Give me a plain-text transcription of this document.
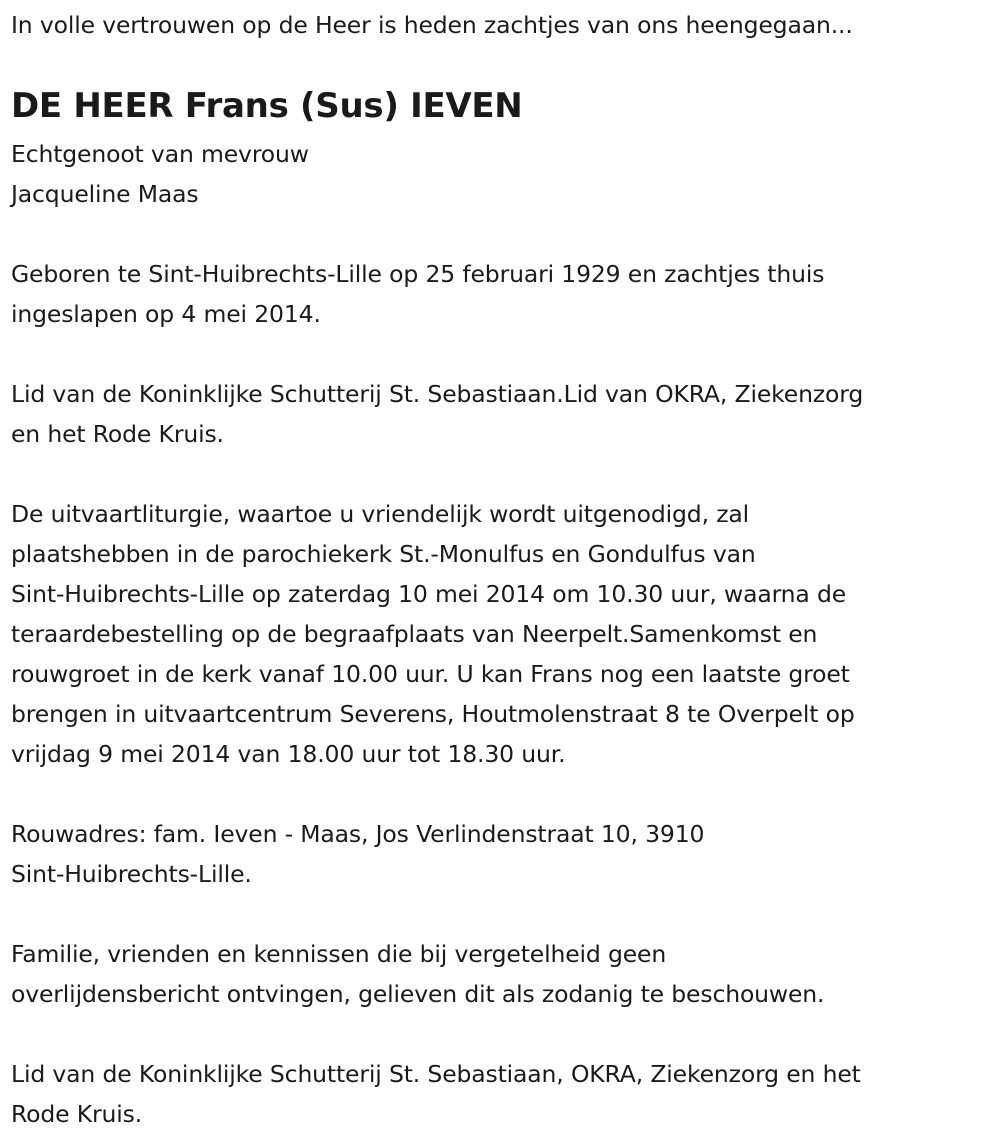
In volle vertrouwen op de Heer is heden zachtjes van ons heengegaan...
DE HEER Frans (Sus) IEVEN
Echtgenoot van mevrouw
Jacqueline Maas
Geboren te Sint-Huibrechts-Lille op 25 februari 1929 en zachtjes thuis
ingeslapen op 4 mei 2014.
Lid van de Koninklijke Schutterij St. Sebastiaan.Lid van OKRA, Ziekenzorg
en het Rode Kruis.
De uitvaartliturgie, waartoe u vriendelijk wordt uitgenodigd, zal
plaatshebben in de parochiekerk St.-Monulfus en Gondulfus van
Sint-Huibrechts-Lille op zaterdag 10 mei 2014 om 10.30 uur, waarna de
teraardebestelling op de begraafplaats van Neerpelt.Samenkomst en
rouwgroet in de kerk vanaf 10.00 uur. U kan Frans nog een laatste groet
brengen in uitvaartcentrum Severens, Houtmolenstraat 8 te Overpelt op
vrijdag 9 mei 2014 van 18.00 uur tot 18.30 uur.
Rouwadres: fam. Ieven - Maas, Jos Verlindenstraat 10, 3910
Sint-Huibrechts-Lille.
Familie, vrienden en kennissen die bij vergetelheid geen
overlijdensbericht ontvingen, gelieven dit als zodanig te beschouwen.
Lid van de Koninklijke Schutterij St. Sebastiaan, OKRA, Ziekenzorg en het
Rode Kruis.
